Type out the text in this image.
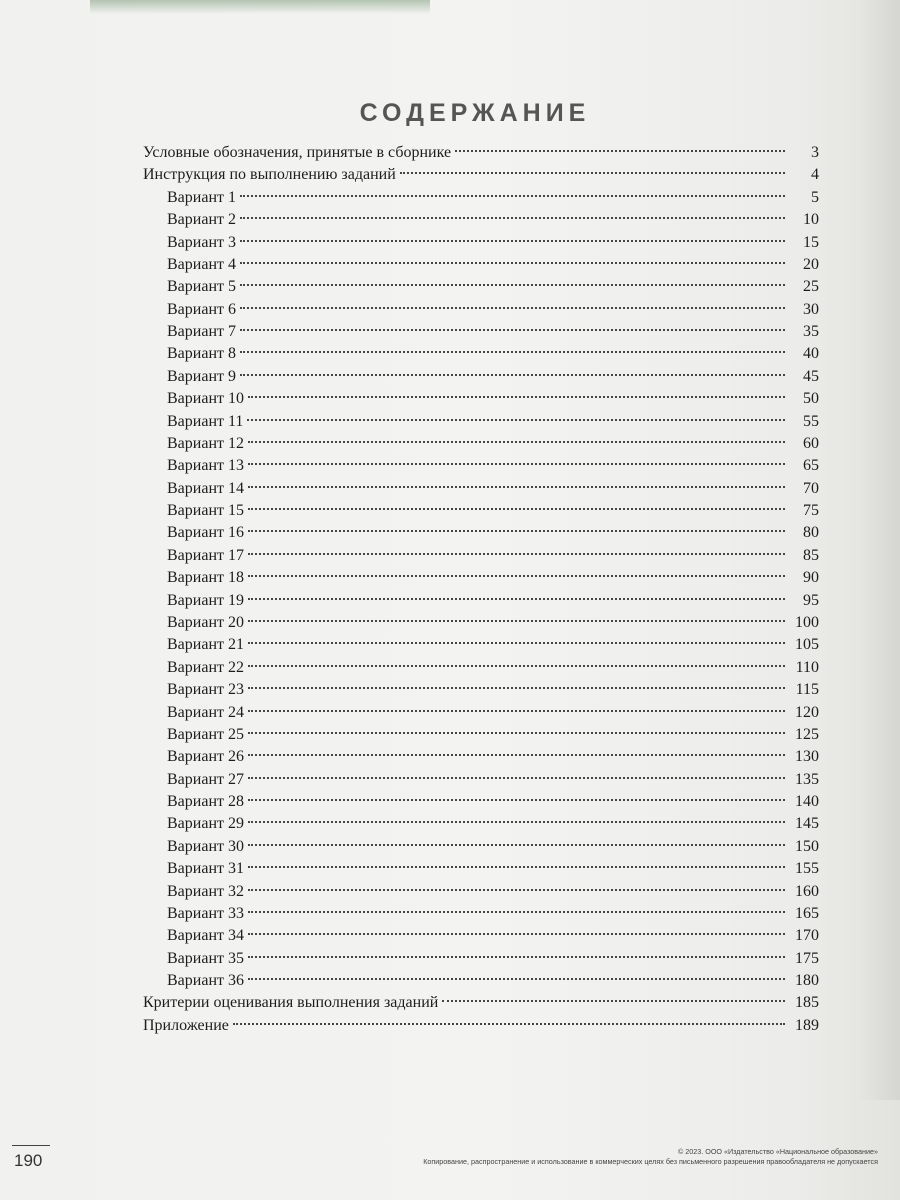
СОДЕРЖАНИЕ
Условные обозначения, принятые в сборнике	3
Инструкция по выполнению заданий	4
Вариант 1	5
Вариант 2	10
Вариант 3	15
Вариант 4	20
Вариант 5	25
Вариант 6	30
Вариант 7	35
Вариант 8	40
Вариант 9	45
Вариант 10	50
Вариант 11	55
Вариант 12	60
Вариант 13	65
Вариант 14	70
Вариант 15	75
Вариант 16	80
Вариант 17	85
Вариант 18	90
Вариант 19	95
Вариант 20	100
Вариант 21	105
Вариант 22	110
Вариант 23	115
Вариант 24	120
Вариант 25	125
Вариант 26	130
Вариант 27	135
Вариант 28	140
Вариант 29	145
Вариант 30	150
Вариант 31	155
Вариант 32	160
Вариант 33	165
Вариант 34	170
Вариант 35	175
Вариант 36	180
Критерии оценивания выполнения заданий	185
Приложение	189
190	© 2023. ООО «Издательство «Национальное образование»
Копирование, распространение и использование в коммерческих целях без письменного разрешения правообладателя не допускается
